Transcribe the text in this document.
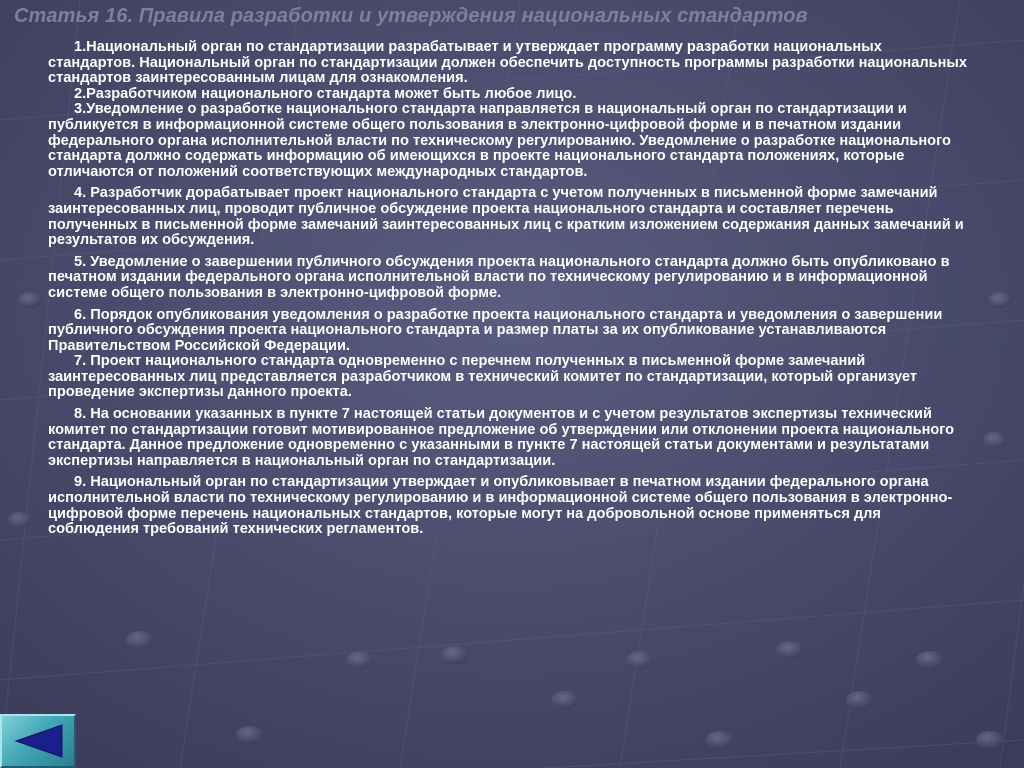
Статья 16. Правила разработки и утверждения национальных стандартов

1.Национальный орган по стандартизации разрабатывает и утверждает программу разработки национальных стандартов. Национальный орган по стандартизации должен обеспечить доступность программы разработки национальных стандартов заинтересованным лицам для ознакомления.

2.Разработчиком национального стандарта может быть любое лицо.

3.Уведомление о разработке национального стандарта направляется в национальный орган по стандартизации и публикуется в информационной системе общего пользования в электронно-цифровой форме и в печатном издании федерального органа исполнительной власти по техническому регулированию. Уведомление о разработке национального стандарта должно содержать информацию об имеющихся в проекте национального стандарта положениях, которые отличаются от положений соответствующих международных стандартов.

4. Разработчик дорабатывает проект национального стандарта с учетом полученных в письменной форме замечаний заинтересованных лиц, проводит публичное обсуждение проекта национального стандарта и составляет перечень полученных в письменной форме замечаний заинтересованных лиц с кратким изложением содержания данных замечаний и результатов их обсуждения.

5. Уведомление о завершении публичного обсуждения проекта национального стандарта должно быть опубликовано в печатном издании федерального органа исполнительной власти по техническому регулированию и в информационной системе общего пользования в электронно-цифровой форме.

6. Порядок опубликования уведомления о разработке проекта национального стандарта и уведомления о завершении публичного обсуждения проекта национального стандарта и размер платы за их опубликование устанавливаются Правительством Российской Федерации.

7. Проект национального стандарта одновременно с перечнем полученных в письменной форме замечаний заинтересованных лиц представляется разработчиком в технический комитет по стандартизации, который организует проведение экспертизы данного проекта.

8. На основании указанных в пункте 7 настоящей статьи документов и с учетом результатов экспертизы технический комитет по стандартизации готовит мотивированное предложение об утверждении или отклонении проекта национального стандарта. Данное предложение одновременно с указанными в пункте 7 настоящей статьи документами и результатами экспертизы направляется в национальный орган по стандартизации.

9. Национальный орган по стандартизации утверждает и опубликовывает в печатном издании федерального органа исполнительной власти по техническому регулированию и в информационной системе общего пользования в электронно-цифровой форме перечень национальных стандартов, которые могут на добровольной основе применяться для соблюдения требований технических регламентов.
